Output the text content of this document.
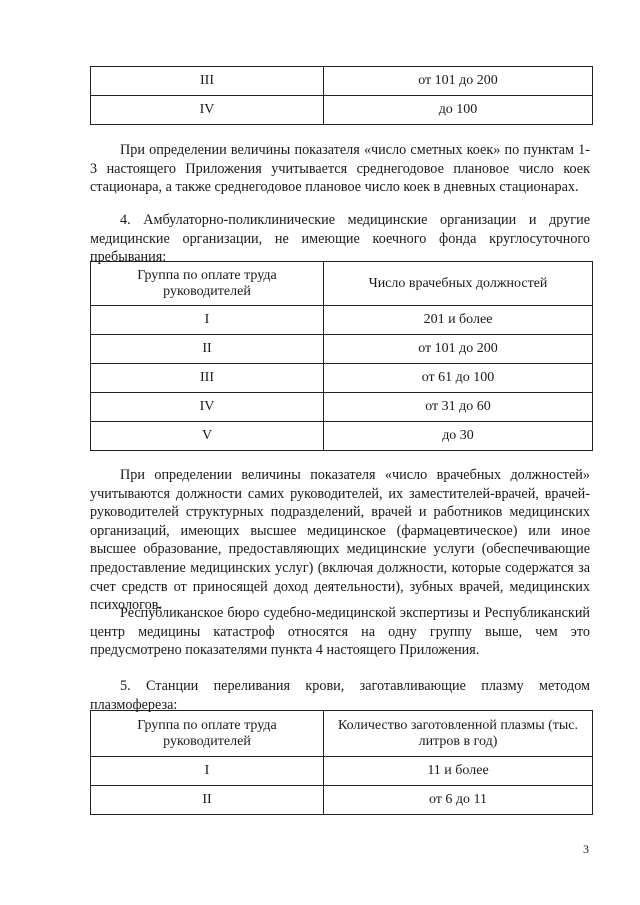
III	от 101 до 200
IV	до 100

При определении величины показателя «число сметных коек» по пунктам 1-3 настоящего Приложения учитывается среднегодовое плановое число коек стационара, а также среднегодовое плановое число коек в дневных стационарах.

4. Амбулаторно-поликлинические медицинские организации и другие медицинские организации, не имеющие коечного фонда круглосуточного пребывания:

Группа по оплате труда руководителей	Число врачебных должностей
I	201 и более
II	от 101 до 200
III	от 61 до 100
IV	от 31 до 60
V	до 30

При определении величины показателя «число врачебных должностей» учитываются должности самих руководителей, их заместителей-врачей, врачей-руководителей структурных подразделений, врачей и работников медицинских организаций, имеющих высшее медицинское (фармацевтическое) или иное высшее образование, предоставляющих медицинские услуги (обеспечивающие предоставление медицинских услуг) (включая должности, которые содержатся за счет средств от приносящей доход деятельности), зубных врачей, медицинских психологов.

Республиканское бюро судебно-медицинской экспертизы и Республиканский центр медицины катастроф относятся на одну группу выше, чем это предусмотрено показателями пункта 4 настоящего Приложения.

5. Станции переливания крови, заготавливающие плазму методом плазмофереза:

Группа по оплате труда руководителей	Количество заготовленной плазмы (тыс. литров в год)
I	11 и более
II	от 6 до 11
3
